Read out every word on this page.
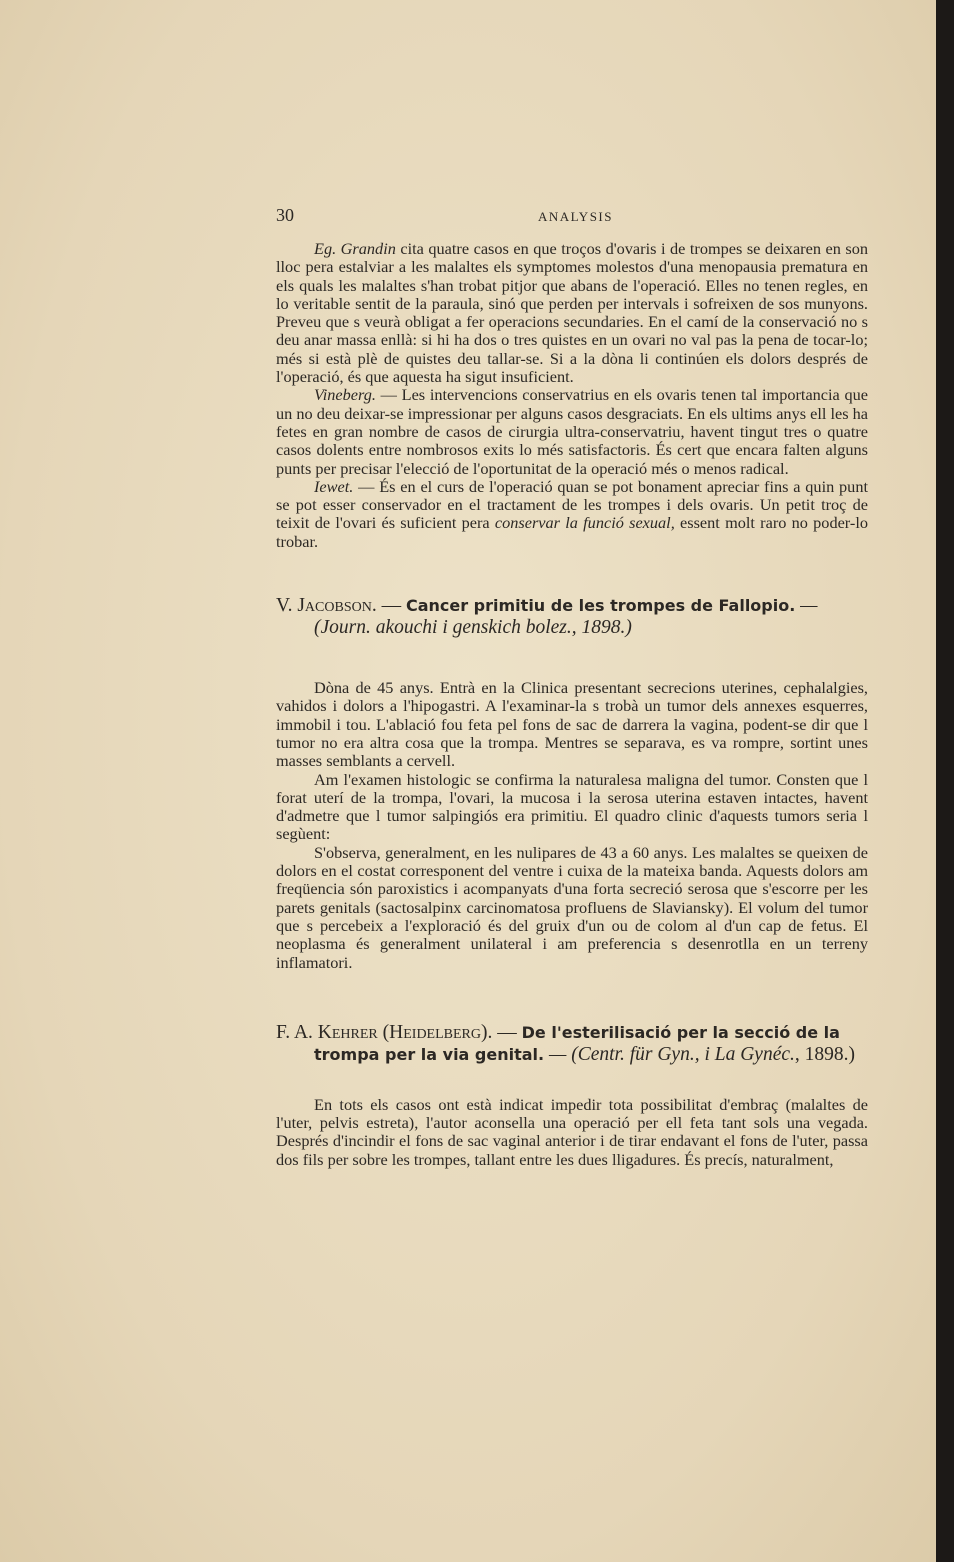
30	ANALYSIS

Eg. Grandin cita quatre casos en que troços d'ovaris i de trompes se deixaren en son lloc pera estalviar a les malaltes els symptomes molestos d'una menopausia prematura en els quals les malaltes s'han trobat pitjor que abans de l'operació. Elles no tenen regles, en lo veritable sentit de la paraula, sinó que perden per intervals i sofreixen de sos munyons. Preveu que s veurà obligat a fer operacions secundaries. En el camí de la conservació no s deu anar massa enllà: si hi ha dos o tres quistes en un ovari no val pas la pena de tocar-lo; més si està plè de quistes deu tallar-se. Si a la dòna li continúen els dolors després de l'operació, és que aquesta ha sigut insuficient.

Vineberg. — Les intervencions conservatrius en els ovaris tenen tal importancia que un no deu deixar-se impressionar per alguns casos desgraciats. En els ultims anys ell les ha fetes en gran nombre de casos de cirurgia ultra-conservatriu, havent tingut tres o quatre casos dolents entre nombrosos exits lo més satisfactoris. És cert que encara falten alguns punts per precisar l'elecció de l'oportunitat de la operació més o menos radical.

Iewet. — És en el curs de l'operació quan se pot bonament apreciar fins a quin punt se pot esser conservador en el tractament de les trompes i dels ovaris. Un petit troç de teixit de l'ovari és suficient pera conservar la funció sexual, essent molt raro no poder-lo trobar.

V. Jacobson. — Cancer primitiu de les trompes de Fallopio. — (Journ. akouchi i genskich bolez., 1898.)

Dòna de 45 anys. Entrà en la Clinica presentant secrecions uterines, cephalalgies, vahidos i dolors a l'hipogastri. A l'examinar-la s trobà un tumor dels annexes esquerres, immobil i tou. L'ablació fou feta pel fons de sac de darrera la vagina, podent-se dir que l tumor no era altra cosa que la trompa. Mentres se separava, es va rompre, sortint unes masses semblants a cervell.

Am l'examen histologic se confirma la naturalesa maligna del tumor. Consten que l forat uterí de la trompa, l'ovari, la mucosa i la serosa uterina estaven intactes, havent d'admetre que l tumor salpingiós era primitiu. El quadro clinic d'aquests tumors seria l segùent:

S'observa, generalment, en les nulipares de 43 a 60 anys. Les malaltes se queixen de dolors en el costat corresponent del ventre i cuixa de la mateixa banda. Aquests dolors am freqüencia són paroxistics i acompanyats d'una forta secreció serosa que s'escorre per les parets genitals (sactosalpinx carcinomatosa profluens de Slaviansky). El volum del tumor que s percebeix a l'exploració és del gruix d'un ou de colom al d'un cap de fetus. El neoplasma és generalment unilateral i am preferencia s desenrotlla en un terreny inflamatori.

F. A. Kehrer (Heidelberg). — De l'esterilisació per la secció de la trompa per la via genital. — (Centr. für Gyn., i La Gynéc., 1898.)

En tots els casos ont està indicat impedir tota possibilitat d'embraç (malaltes de l'uter, pelvis estreta), l'autor aconsella una operació per ell feta tant sols una vegada. Després d'incindir el fons de sac vaginal anterior i de tirar endavant el fons de l'uter, passa dos fils per sobre les trompes, tallant entre les dues lligadures. És precís, naturalment,
